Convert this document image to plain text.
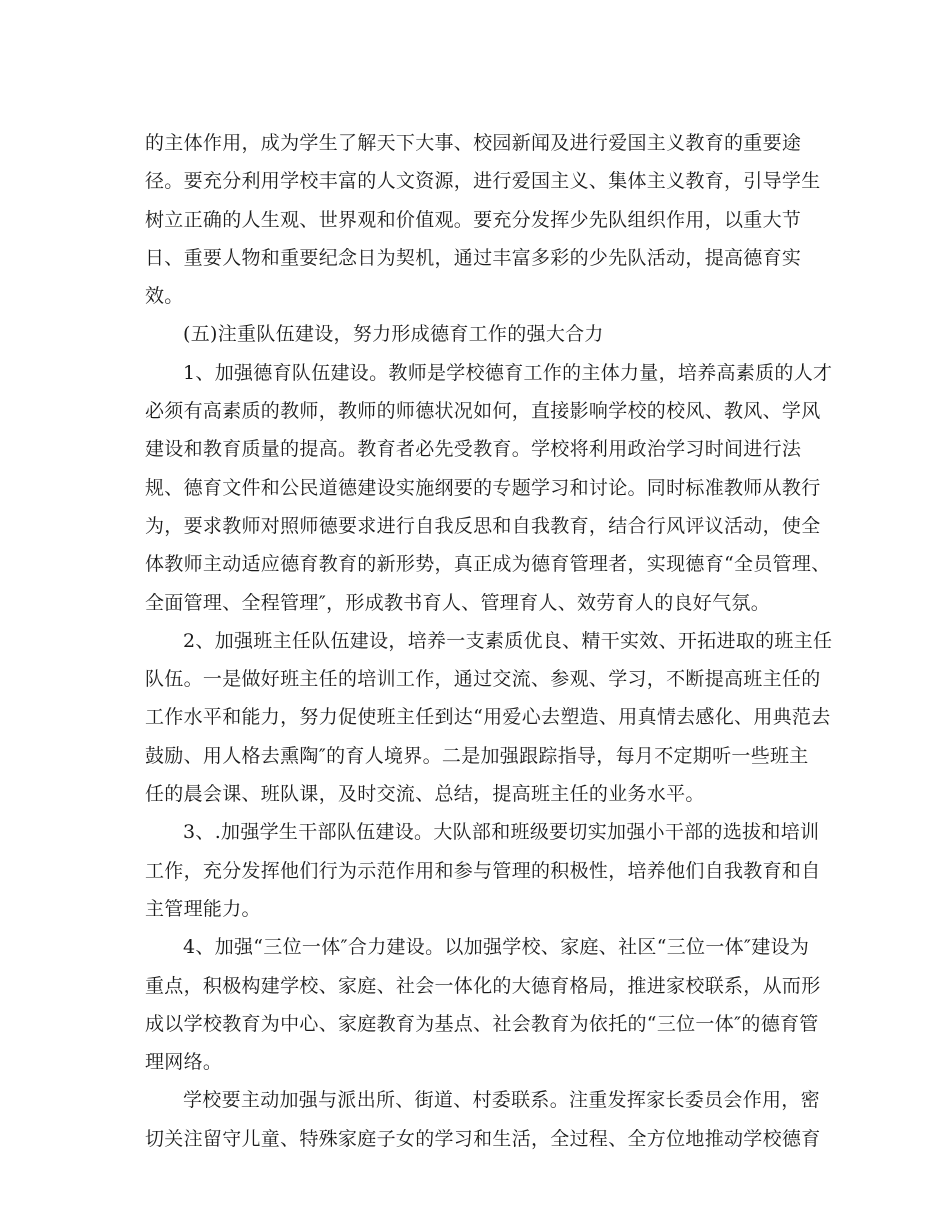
的主体作用，成为学生了解天下大事、校园新闻及进行爱国主义教育的重要途
径。要充分利用学校丰富的人文资源，进行爱国主义、集体主义教育，引导学生
树立正确的人生观、世界观和价值观。要充分发挥少先队组织作用，以重大节
日、重要人物和重要纪念日为契机，通过丰富多彩的少先队活动，提高德育实
效。
(五)注重队伍建设，努力形成德育工作的强大合力
1、加强德育队伍建设。教师是学校德育工作的主体力量，培养高素质的人才
必须有高素质的教师，教师的师德状况如何，直接影响学校的校风、教风、学风
建设和教育质量的提高。教育者必先受教育。学校将利用政治学习时间进行法
规、德育文件和公民道德建设实施纲要的专题学习和讨论。同时标准教师从教行
为，要求教师对照师德要求进行自我反思和自我教育，结合行风评议活动，使全
体教师主动适应德育教育的新形势，真正成为德育管理者，实现德育“全员管理、
全面管理、全程管理″，形成教书育人、管理育人、效劳育人的良好气氛。
2、加强班主任队伍建设，培养一支素质优良、精干实效、开拓进取的班主任
队伍。一是做好班主任的培训工作，通过交流、参观、学习，不断提高班主任的
工作水平和能力，努力促使班主任到达“用爱心去塑造、用真情去感化、用典范去
鼓励、用人格去熏陶″的育人境界。二是加强跟踪指导，每月不定期听一些班主
任的晨会课、班队课，及时交流、总结，提高班主任的业务水平。
3、.加强学生干部队伍建设。大队部和班级要切实加强小干部的选拔和培训
工作，充分发挥他们行为示范作用和参与管理的积极性，培养他们自我教育和自
主管理能力。
4、加强“三位一体″合力建设。以加强学校、家庭、社区“三位一体″建设为
重点，积极构建学校、家庭、社会一体化的大德育格局，推进家校联系，从而形
成以学校教育为中心、家庭教育为基点、社会教育为依托的“三位一体″的德育管
理网络。
学校要主动加强与派出所、街道、村委联系。注重发挥家长委员会作用，密
切关注留守儿童、特殊家庭子女的学习和生活，全过程、全方位地推动学校德育
